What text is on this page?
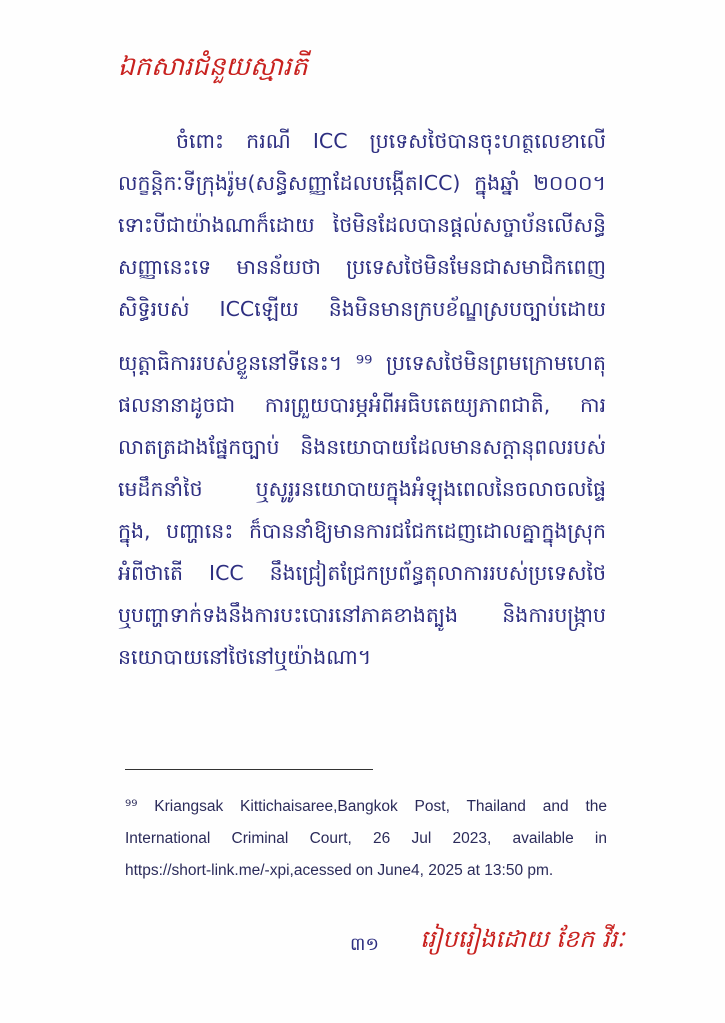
ឯកសារជំនួយស្មារតី
ចំពោះ ករណី ICC ប្រទេសថៃបានចុះហត្ថលេខាលើ
លក្ខន្តិកៈទីក្រុងរ៉ូម(សន្ធិសញ្ញាដែលបង្កើតICC) ក្នុងឆ្នាំ ២០០០។
ទោះបីជាយ៉ាងណាក៏ដោយ ថៃមិនដែលបានផ្តល់សច្ចាប័នលើសន្ធិ
សញ្ញានេះទេ មានន័យថា ប្រទេសថៃមិនមែនជាសមាជិកពេញ
សិទ្ធិរបស់ ICCឡើយ និងមិនមានក្របខ័ណ្ឌស្របច្បាប់ដោយ
យុត្តាធិការរបស់ខ្លួននៅទីនេះ។ ⁹⁹ ប្រទេសថៃមិនព្រមក្រោមហេតុ
ផលនានាដូចជា ការព្រួយបារម្ភអំពីអធិបតេយ្យភាពជាតិ, ការ
លាតត្រដាងផ្នែកច្បាប់ និងនយោបាយដែលមានសក្តានុពលរបស់
មេដឹកនាំថៃ ឬសូរូរនយោបាយក្នុងអំឡុងពេលនៃចលាចលផ្ទៃ
ក្នុង, បញ្ហានេះ ក៏បាននាំឱ្យមានការជជែកដេញដោលគ្នាក្នុងស្រុក
អំពីថាតើ ICC នឹងជ្រៀតជ្រែកប្រព័ន្ធតុលាការរបស់ប្រទេសថៃ
ឬបញ្ហាទាក់ទងនឹងការបះបោរនៅភាគខាងត្បូង និងការបង្ក្រាប
នយោបាយនៅថៃនៅឬយ៉ាងណា។
⁹⁹ Kriangsak Kittichaisaree,Bangkok Post, Thailand and the
International Criminal Court, 26 Jul 2023, available in
https://short-link.me/-xpi,acessed on June4, 2025 at 13:50 pm.
៣១ រៀបរៀងដោយ ខែក វីរៈ
